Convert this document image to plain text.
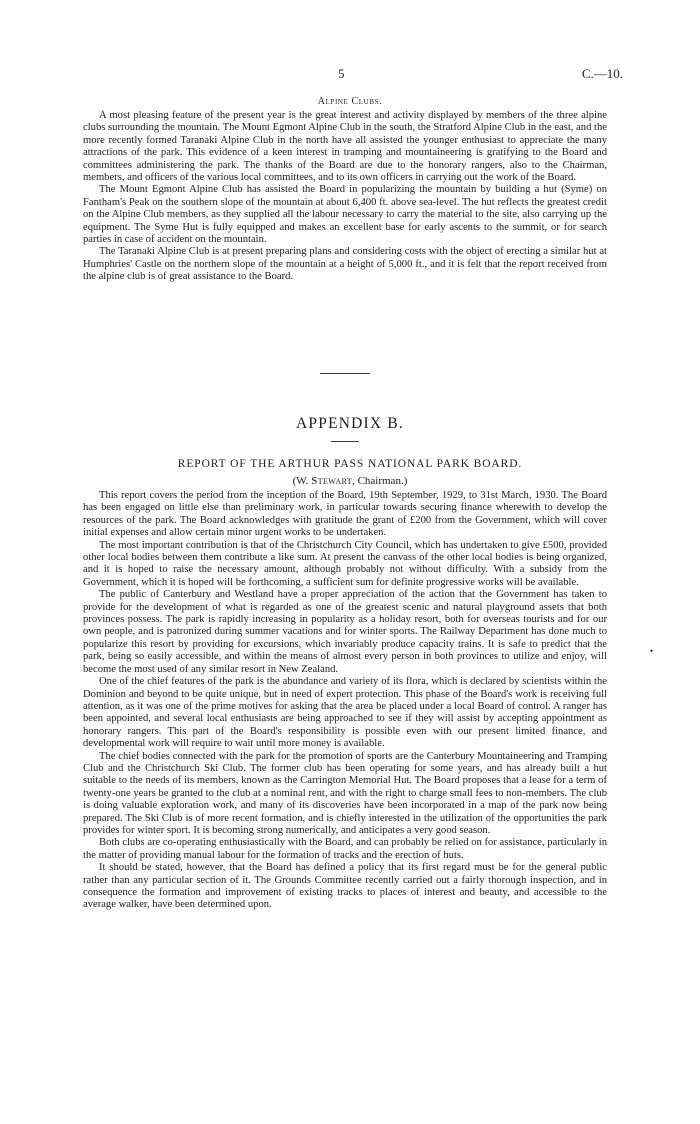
5	C.—10.
Alpine Clubs.

A most pleasing feature of the present year is the great interest and activity displayed by members of the three alpine clubs surrounding the mountain. The Mount Egmont Alpine Club in the south, the Stratford Alpine Club in the east, and the more recently formed Taranaki Alpine Club in the north have all assisted the younger enthusiast to appreciate the many attractions of the park. This evidence of a keen interest in tramping and mountaineering is gratifying to the Board and committees administering the park. The thanks of the Board are due to the honorary rangers, also to the Chairman, members, and officers of the various local committees, and to its own officers in carrying out the work of the Board.

The Mount Egmont Alpine Club has assisted the Board in popularizing the mountain by building a hut (Syme) on Fantham's Peak on the southern slope of the mountain at about 6,400 ft. above sea-level. The hut reflects the greatest credit on the Alpine Club members, as they supplied all the labour necessary to carry the material to the site, also carrying up the equipment. The Syme Hut is fully equipped and makes an excellent base for early ascents to the summit, or for search parties in case of accident on the mountain.

The Taranaki Alpine Club is at present preparing plans and considering costs with the object of erecting a similar hut at Humphries' Castle on the northern slope of the mountain at a height of 5,000 ft., and it is felt that the report received from the alpine club is of great assistance to the Board.

APPENDIX B.
REPORT OF THE ARTHUR PASS NATIONAL PARK BOARD.
(W. Stewart, Chairman.)
•

This report covers the period from the inception of the Board, 19th September, 1929, to 31st March, 1930. The Board has been engaged on little else than preliminary work, in particular towards securing finance wherewith to develop the resources of the park. The Board acknowledges with gratitude the grant of £200 from the Government, which will cover initial expenses and allow certain minor urgent works to be undertaken.

The most important contribution is that of the Christchurch City Council, which has undertaken to give £500, provided other local bodies between them contribute a like sum. At present the canvass of the other local bodies is being organized, and it is hoped to raise the necessary amount, although probably not without difficulty. With a subsidy from the Government, which it is hoped will be forthcoming, a sufficient sum for definite progressive works will be available.

The public of Canterbury and Westland have a proper appreciation of the action that the Government has taken to provide for the development of what is regarded as one of the greatest scenic and natural playground assets that both provinces possess. The park is rapidly increasing in popularity as a holiday resort, both for overseas tourists and for our own people, and is patronized during summer vacations and for winter sports. The Railway Department has done much to popularize this resort by providing for excursions, which invariably produce capacity trains. It is safe to predict that the park, being so easily accessible, and within the means of almost every person in both provinces to utilize and enjoy, will become the most used of any similar resort in New Zealand.

One of the chief features of the park is the abundance and variety of its flora, which is declared by scientists within the Dominion and beyond to be quite unique, but in need of expert protection. This phase of the Board's work is receiving full attention, as it was one of the prime motives for asking that the area be placed under a local Board of control. A ranger has been appointed, and several local enthusiasts are being approached to see if they will assist by accepting appointment as honorary rangers. This part of the Board's responsibility is possible even with our present limited finance, and developmental work will require to wait until more money is available.

The chief bodies connected with the park for the promotion of sports are the Canterbury Mountaineering and Tramping Club and the Christchurch Ski Club. The former club has been operating for some years, and has already built a hut suitable to the needs of its members, known as the Carrington Memorial Hut. The Board proposes that a lease for a term of twenty-one years be granted to the club at a nominal rent, and with the right to charge small fees to non-members. The club is doing valuable exploration work, and many of its discoveries have been incorporated in a map of the park now being prepared. The Ski Club is of more recent formation, and is chiefly interested in the utilization of the opportunities the park provides for winter sport. It is becoming strong numerically, and anticipates a very good season.

Both clubs are co-operating enthusiastically with the Board, and can probably be relied on for assistance, particularly in the matter of providing manual labour for the formation of tracks and the erection of huts.

It should be stated, however, that the Board has defined a policy that its first regard must be for the general public rather than any particular section of it. The Grounds Committee recently carried out a fairly thorough inspection, and in consequence the formation and improvement of existing tracks to places of interest and beauty, and accessible to the average walker, have been determined upon.
